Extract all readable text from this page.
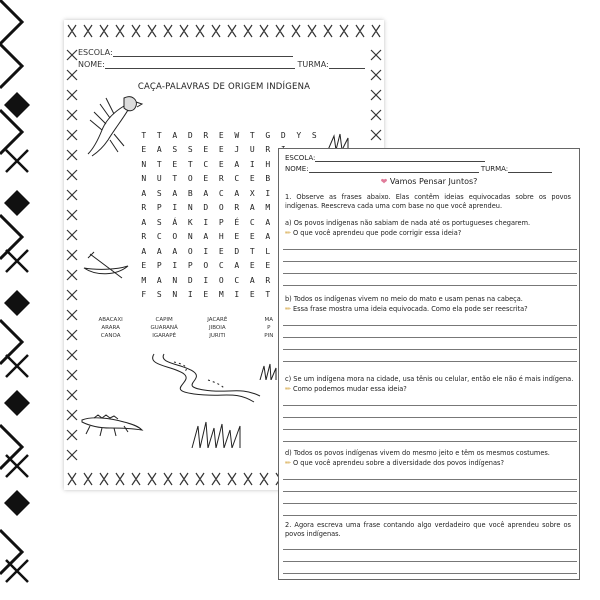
ESCOLA:
NOME:	TURMA:
CAÇA-PALAVRAS DE ORIGEM INDÍGENA
T	T	A	D	R	E	W	T	G	D	Y	S
E	A	S	S	E	E	J	U	R	
N	T	E	T	C	E	A	I	H	
N	U	T	O	E	R	C	E	B	
A	S	A	B	A	C	A	X	I	
R	P	I	N	D	O	R	A	M	
A	S	Á	K	I	P	É	C	A	
R	C	O	N	A	H	E	E	A	
A	A	A	O	I	E	D	T	L	
E	P	I	P	O	C	A	E	E	
M	A	N	D	I	O	C	A	R	
F	S	N	I	E	M	I	E	T	
ABACAXI	CAPIM	JACARÉ	MA
ARARA	GUARANÁ	JIBOIA	P
CANOA	IGARAPÉ	JURITI	PIN
ESCOLA:
NOME:	TURMA:
❤ Vamos Pensar Juntos?
1. Observe as frases abaixo. Elas contêm ideias equivocadas sobre os povos indígenas. Reescreva cada uma com base no que você aprendeu.
a) Os povos indígenas não sabiam de nada até os portugueses chegarem.
✏ O que você aprendeu que pode corrigir essa ideia?
b) Todos os indígenas vivem no meio do mato e usam penas na cabeça.
✏ Essa frase mostra uma ideia equivocada. Como ela pode ser reescrita?
c) Se um indígena mora na cidade, usa tênis ou celular, então ele não é mais indígena.
✏ Como podemos mudar essa ideia?
d) Todos os povos indígenas vivem do mesmo jeito e têm os mesmos costumes.
✏ O que você aprendeu sobre a diversidade dos povos indígenas?
2. Agora escreva uma frase contando algo verdadeiro que você aprendeu sobre os povos indígenas.
